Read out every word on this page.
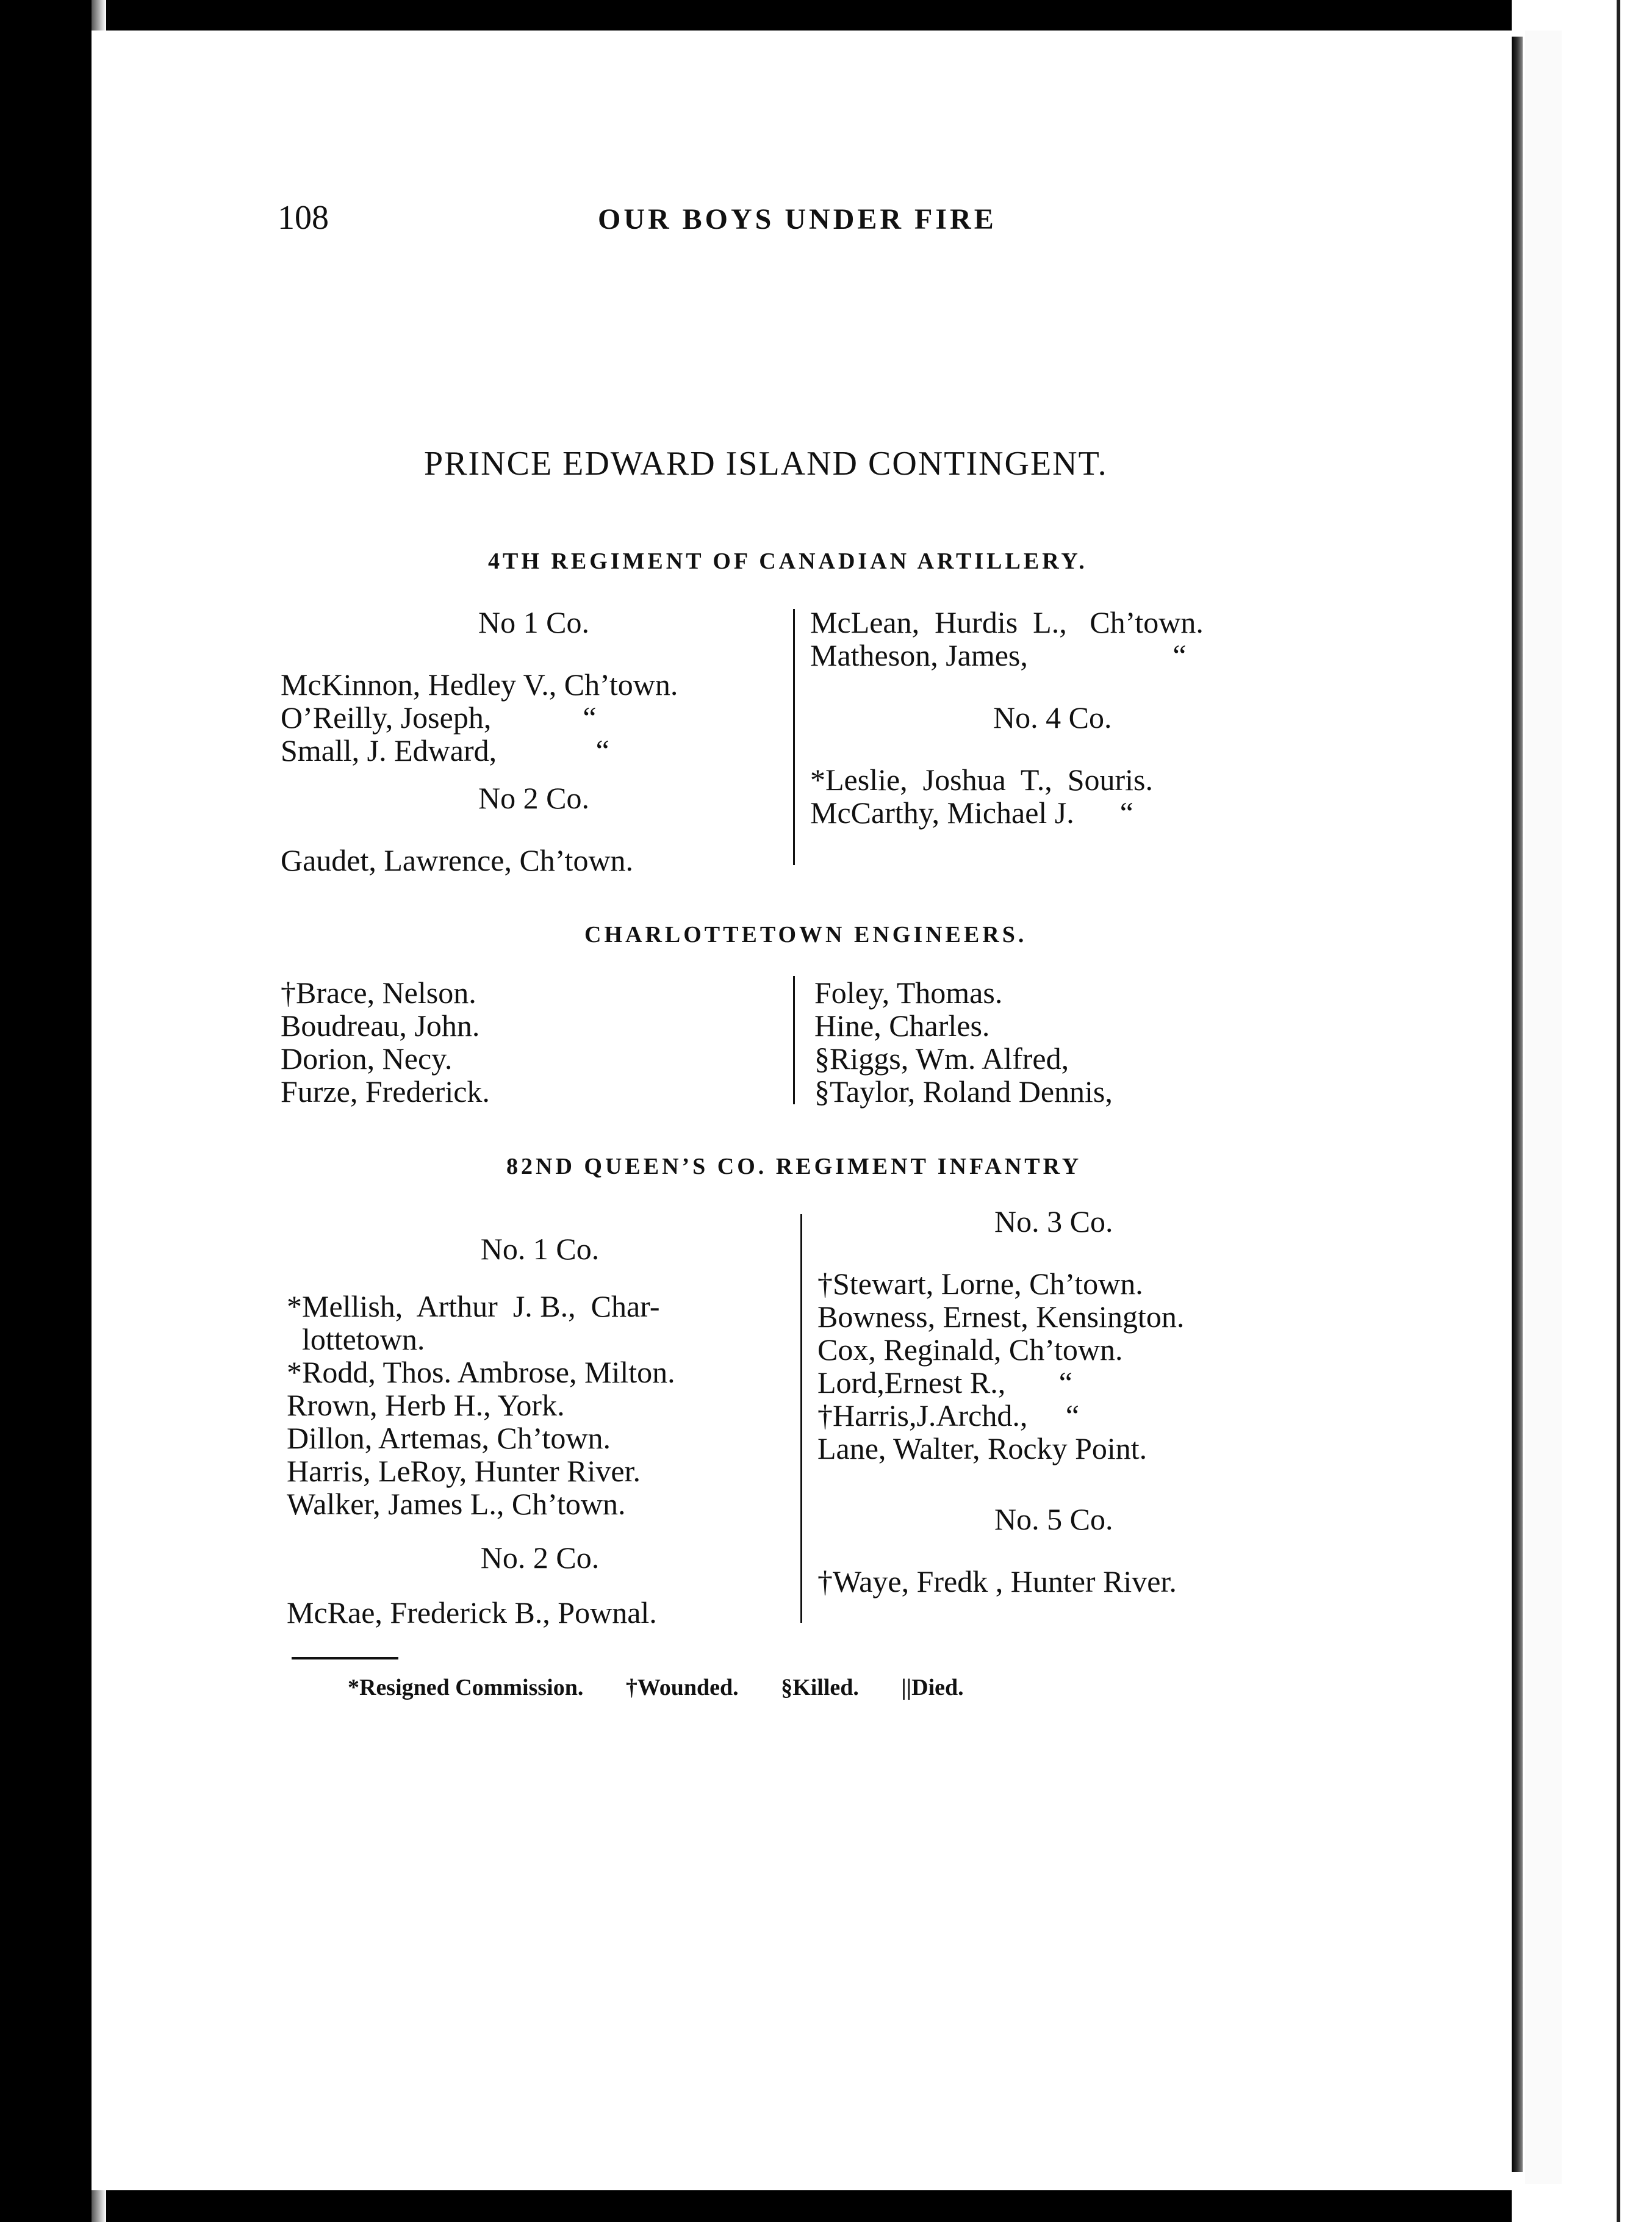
108	OUR BOYS UNDER FIRE
PRINCE EDWARD ISLAND CONTINGENT.
4TH REGIMENT OF CANADIAN ARTILLERY.
No 1 Co.
McKinnon, Hedley V., Ch’town.
O’Reilly, Joseph,            “
Small, J. Edward,             “
No 2 Co.
Gaudet, Lawrence, Ch’town.
McLean,  Hurdis  L.,   Ch’town.
Matheson, James,                   “
No. 4 Co.
*Leslie,  Joshua  T.,  Souris.
McCarthy, Michael J.      “
CHARLOTTETOWN ENGINEERS.
†Brace, Nelson.
Boudreau, John.
Dorion, Necy.
Furze, Frederick.
Foley, Thomas.
Hine, Charles.
§Riggs, Wm. Alfred,
§Taylor, Roland Dennis,
82ND QUEEN’S CO. REGIMENT INFANTRY
No. 1 Co.
*Mellish,  Arthur  J. B.,  Char-
lottetown.
*Rodd, Thos. Ambrose, Milton.
Rrown, Herb H., York.
Dillon, Artemas, Ch’town.
Harris, LeRoy, Hunter River.
Walker, James L., Ch’town.
No. 2 Co.
McRae, Frederick B., Pownal.
No. 3 Co.
†Stewart, Lorne, Ch’town.
Bowness, Ernest, Kensington.
Cox, Reginald, Ch’town.
Lord,Ernest R.,       “
†Harris,J.Archd.,     “
Lane, Walter, Rocky Point.
No. 5 Co.
†Waye, Fredk , Hunter River.
*Resigned Commission. †Wounded. §Killed. ||Died.
